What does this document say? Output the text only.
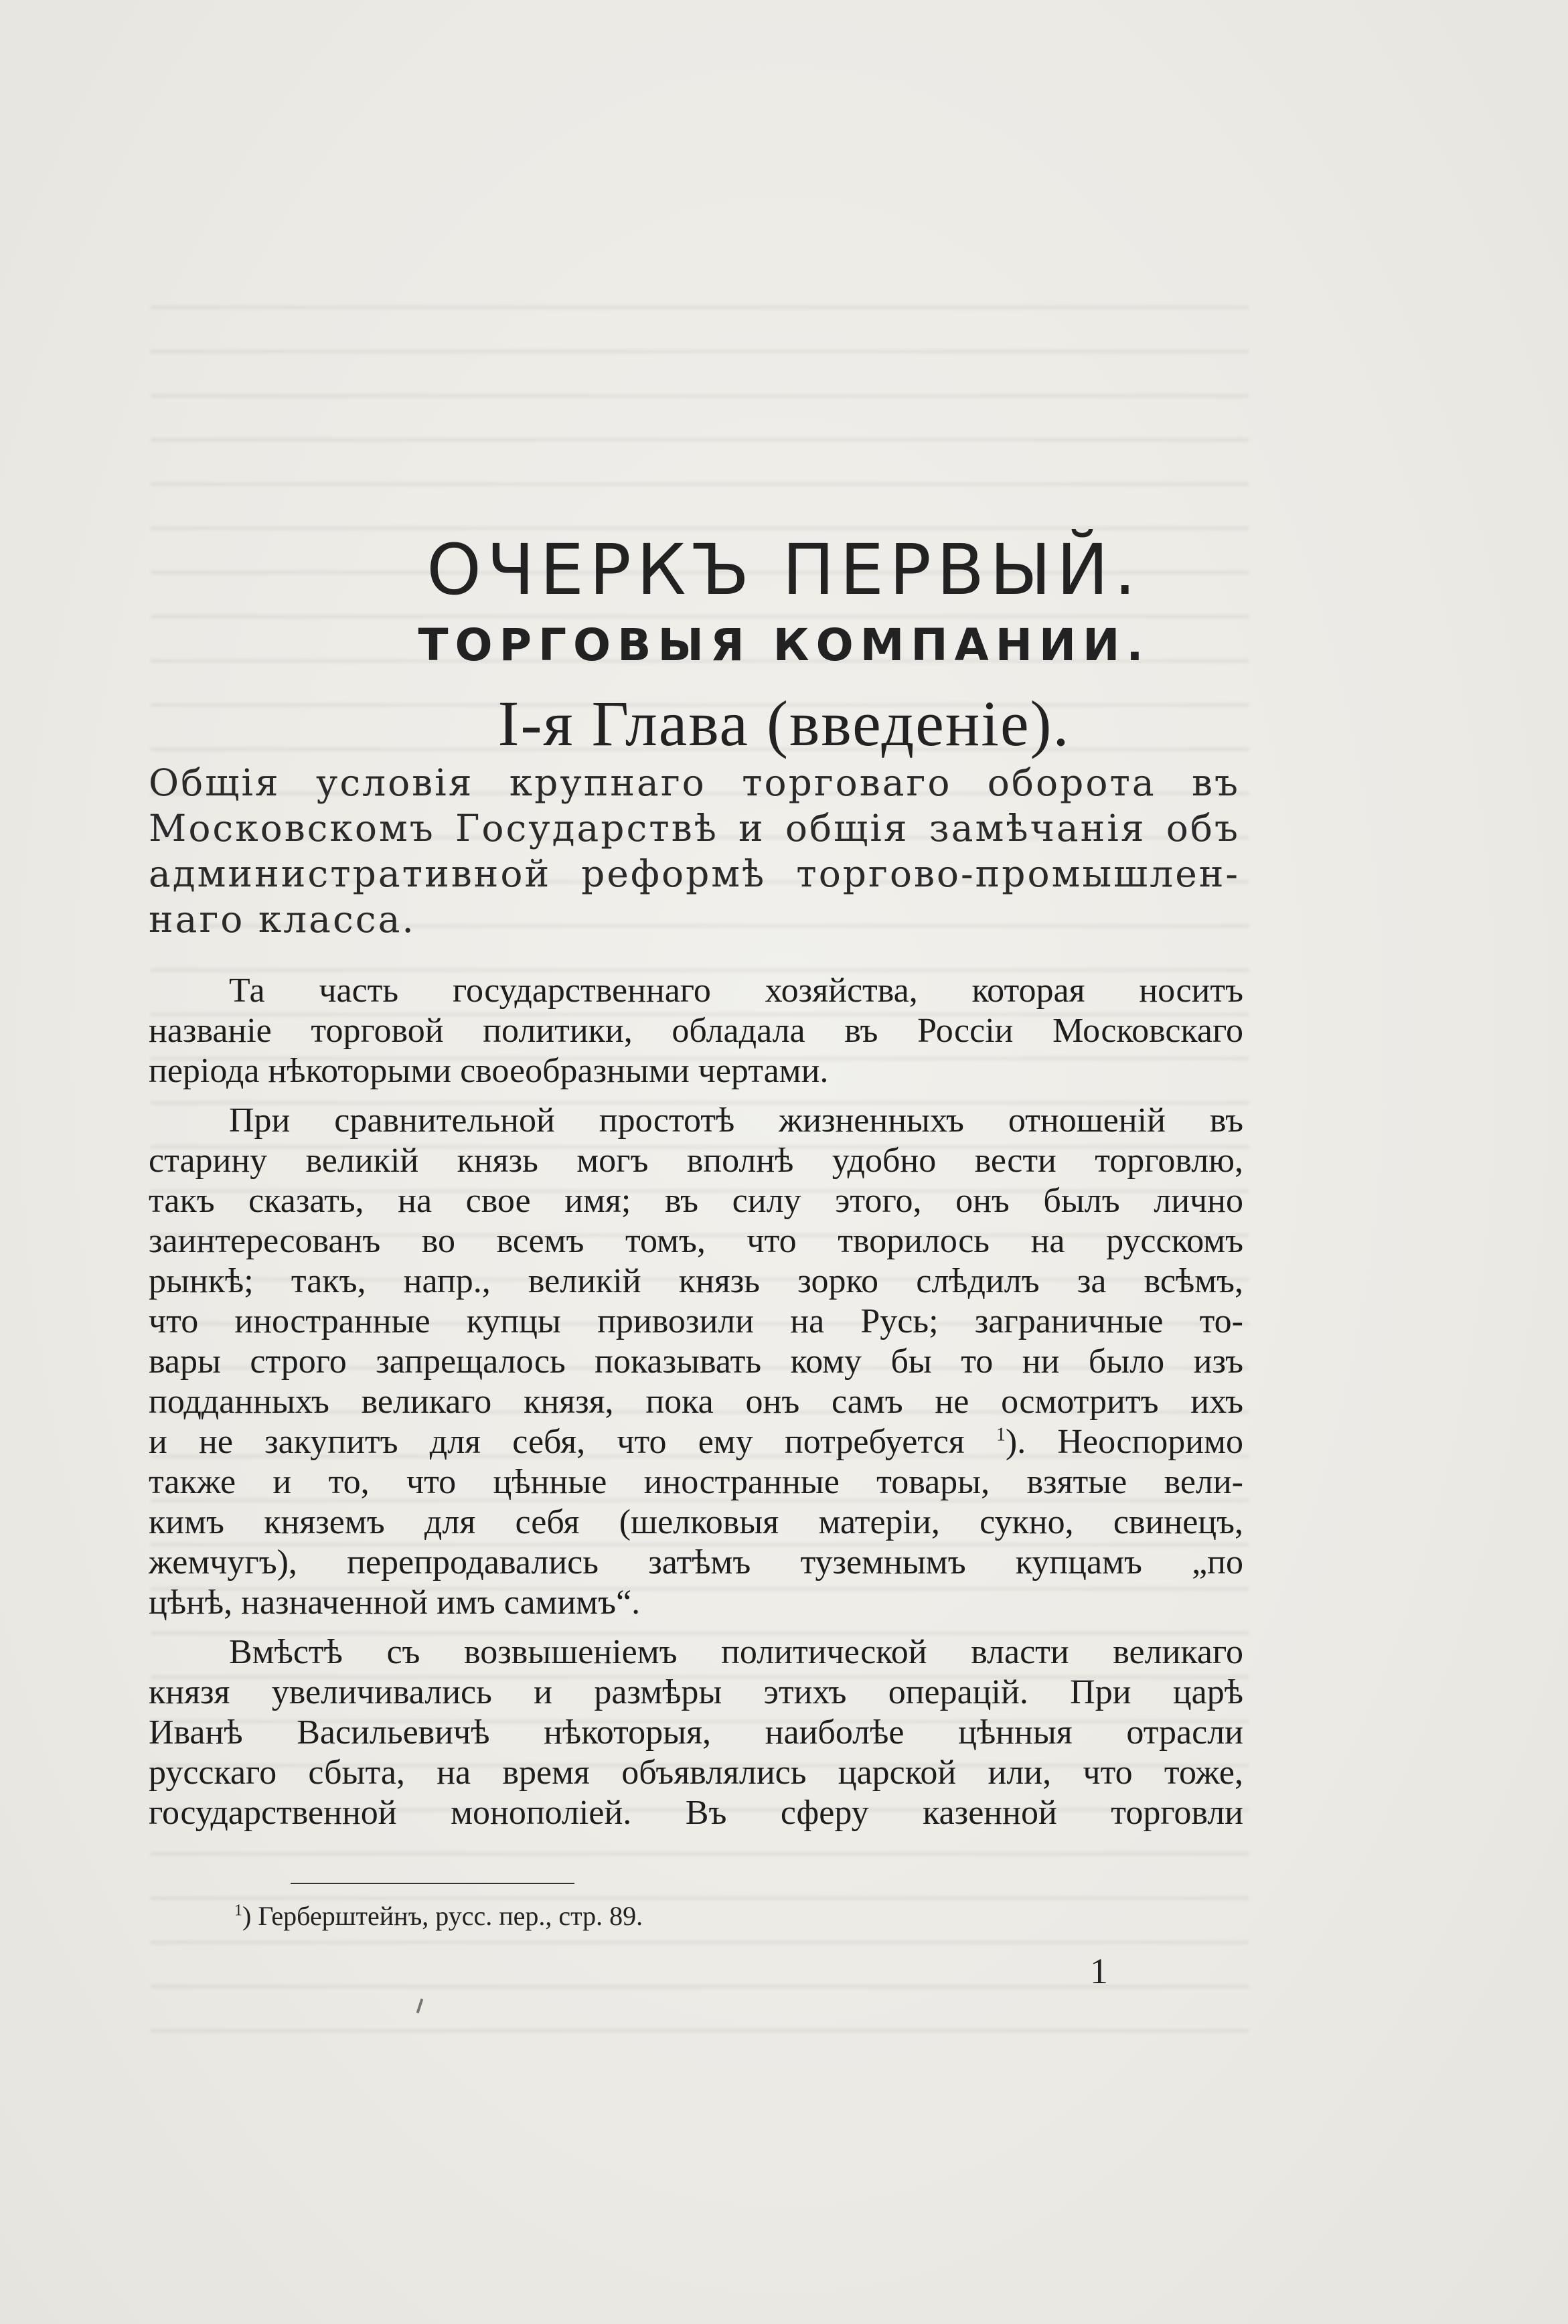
ОЧЕРКЪ ПЕРВЫЙ.
ТОРГОВЫЯ КОМПАНИИ.
I-я Глава (введенiе).
Общiя условiя крупнаго торговаго оборота въ
Московскомъ Государствѣ и общiя замѣчанiя объ
административной реформѣ торгово-промышлен-
наго класса.
Та часть государственнаго хозяйства, которая носитъ
названiе торговой политики, обладала въ Россiи Московскаго
перiода нѣкоторыми своеобразными чертами.
При сравнительной простотѣ жизненныхъ отношенiй въ
старину великiй князь могъ вполнѣ удобно вести торговлю,
такъ сказать, на свое имя; въ силу этого, онъ былъ лично
заинтересованъ во всемъ томъ, что творилось на русскомъ
рынкѣ; такъ, напр., великiй князь зорко слѣдилъ за всѣмъ,
что иностранные купцы привозили на Русь; заграничные то-
вары строго запрещалось показывать кому бы то ни было изъ
подданныхъ великаго князя, пока онъ самъ не осмотритъ ихъ
и не закупитъ для себя, что ему потребуется $^1$). Неоспоримо
также и то, что цѣнные иностранные товары, взятые вели-
кимъ княземъ для себя (шелковыя матерiи, сукно, свинецъ,
жемчугъ), перепродавались затѣмъ туземнымъ купцамъ „по
цѣнѣ, назначенной имъ самимъ“.
Вмѣстѣ съ возвышенiемъ политической власти великаго
князя увеличивались и размѣры этихъ операцiй. При царѣ
Иванѣ Васильевичѣ нѣкоторыя, наиболѣе цѣнныя отрасли
русскаго сбыта, на время объявлялись царской или, что тоже,
государственной монополiей. Въ сферу казенной торговли
$^1$) Герберштейнъ, русс. пер., стр. 89.
1
